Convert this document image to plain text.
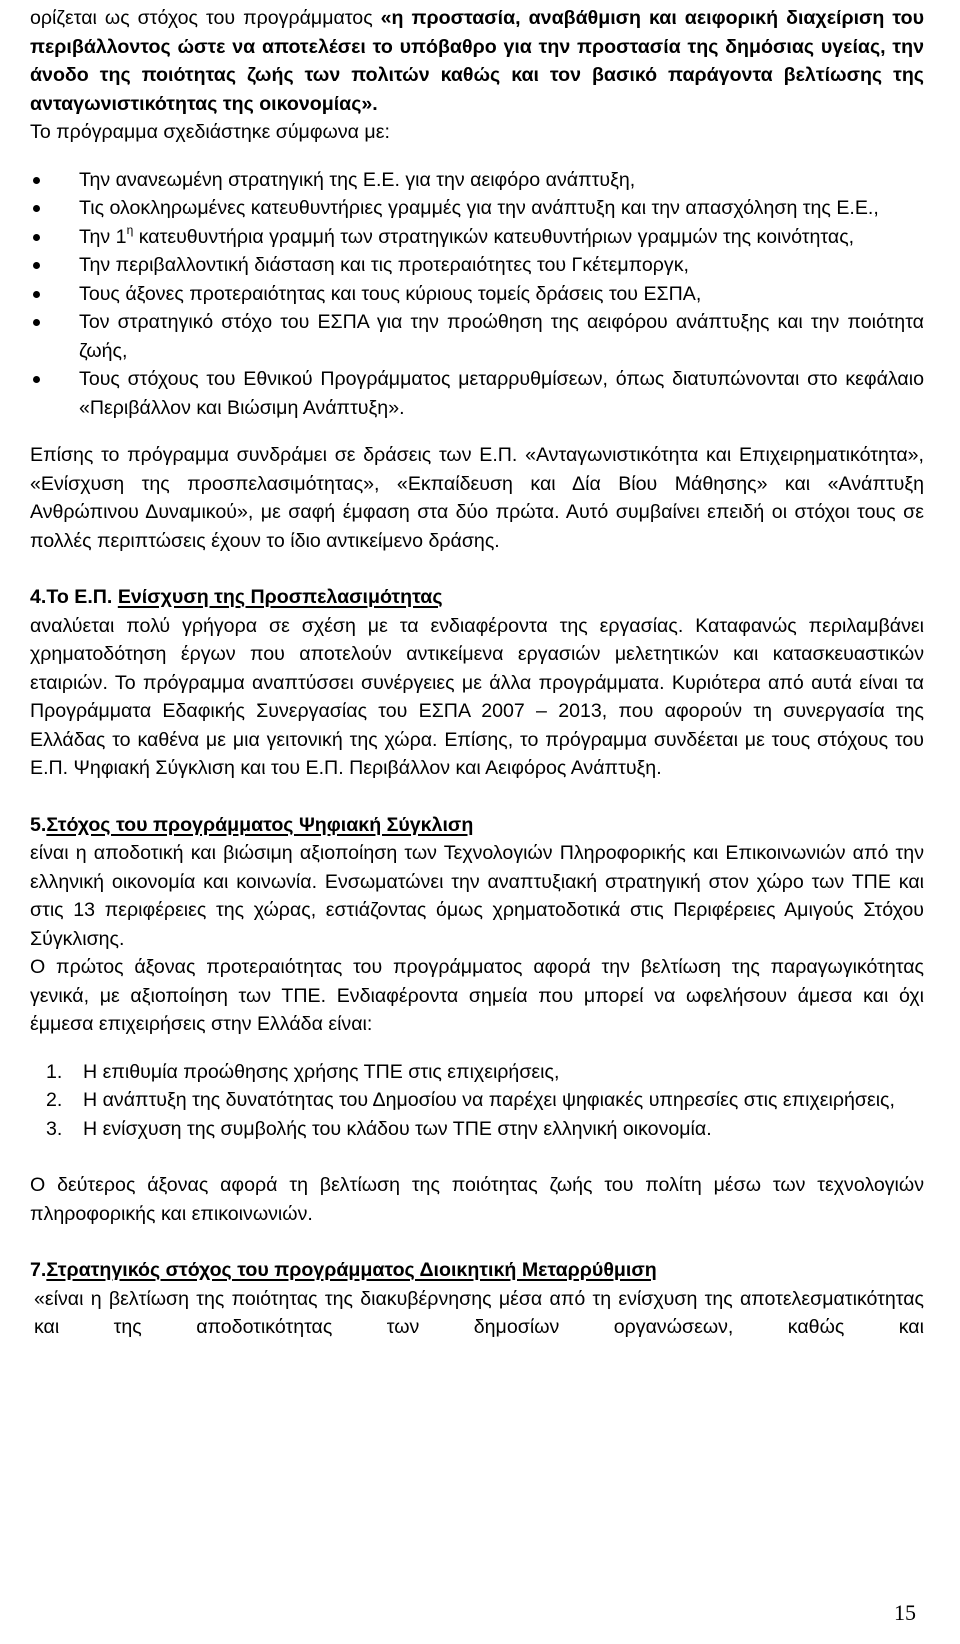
ορίζεται ως στόχος του προγράμματος «η προστασία, αναβάθμιση και αειφορική διαχείριση του περιβάλλοντος ώστε να αποτελέσει το υπόβαθρο για την προστασία της δημόσιας υγείας, την άνοδο της ποιότητας ζωής των πολιτών καθώς και τον βασικό παράγοντα βελτίωσης της ανταγωνιστικότητας της οικονομίας».

Το πρόγραμμα σχεδιάστηκε σύμφωνα με:

Την ανανεωμένη στρατηγική της Ε.Ε. για την αειφόρο ανάπτυξη,
Τις ολοκληρωμένες κατευθυντήριες γραμμές για την ανάπτυξη και την απασχόληση της Ε.Ε.,
Την $1^\eta$ κατευθυντήρια γραμμή των στρατηγικών κατευθυντήριων γραμμών της κοινότητας,
Την περιβαλλοντική διάσταση και τις προτεραιότητες του Γκέτεμποργκ,
Τους άξονες προτεραιότητας και τους κύριους τομείς δράσεις του ΕΣΠΑ,
Τον στρατηγικό στόχο του ΕΣΠΑ για την προώθηση της αειφόρου ανάπτυξης και την ποιότητα ζωής,
Τους στόχους του Εθνικού Προγράμματος μεταρρυθμίσεων, όπως διατυπώνονται στο κεφάλαιο «Περιβάλλον και Βιώσιμη Ανάπτυξη».

Επίσης το πρόγραμμα συνδράμει σε δράσεις των Ε.Π. «Ανταγωνιστικότητα και Επιχειρηματικότητα», «Ενίσχυση της προσπελασιμότητας», «Εκπαίδευση και Δία Βίου Μάθησης» και «Ανάπτυξη Ανθρώπινου Δυναμικού», με σαφή έμφαση στα δύο πρώτα. Αυτό συμβαίνει επειδή οι στόχοι τους σε πολλές περιπτώσεις έχουν το ίδιο αντικείμενο δράσης.

4.Το Ε.Π. Ενίσχυση της Προσπελασιμότητας

αναλύεται πολύ γρήγορα σε σχέση με τα ενδιαφέροντα της εργασίας. Καταφανώς περιλαμβάνει χρηματοδότηση έργων που αποτελούν αντικείμενα εργασιών μελετητικών και κατασκευαστικών εταιριών. Το πρόγραμμα αναπτύσσει συνέργειες με άλλα προγράμματα. Κυριότερα από αυτά είναι τα Προγράμματα Εδαφικής Συνεργασίας του ΕΣΠΑ 2007 – 2013, που αφορούν τη συνεργασία της Ελλάδας το καθένα με μια γειτονική της χώρα. Επίσης, το πρόγραμμα συνδέεται με τους στόχους του Ε.Π. Ψηφιακή Σύγκλιση και του Ε.Π. Περιβάλλον και Αειφόρος Ανάπτυξη.

5.Στόχος του προγράμματος Ψηφιακή Σύγκλιση

είναι η αποδοτική και βιώσιμη αξιοποίηση των Τεχνολογιών Πληροφορικής και Επικοινωνιών από την ελληνική οικονομία και κοινωνία. Ενσωματώνει την αναπτυξιακή στρατηγική στον χώρο των ΤΠΕ και στις 13 περιφέρειες της χώρας, εστιάζοντας όμως χρηματοδοτικά στις Περιφέρειες Αμιγούς Στόχου Σύγκλισης.

Ο πρώτος άξονας προτεραιότητας του προγράμματος αφορά την βελτίωση της παραγωγικότητας γενικά, με αξιοποίηση των ΤΠΕ. Ενδιαφέροντα σημεία που μπορεί να ωφελήσουν άμεσα και όχι έμμεσα επιχειρήσεις στην Ελλάδα είναι:

1. Η επιθυμία προώθησης χρήσης ΤΠΕ στις επιχειρήσεις,
2. Η ανάπτυξη της δυνατότητας του Δημοσίου να παρέχει ψηφιακές υπηρεσίες στις επιχειρήσεις,
3. Η ενίσχυση της συμβολής του κλάδου των ΤΠΕ στην ελληνική οικονομία.

Ο δεύτερος άξονας αφορά τη βελτίωση της ποιότητας ζωής του πολίτη μέσω των τεχνολογιών πληροφορικής και επικοινωνιών.

7.Στρατηγικός στόχος του προγράμματος Διοικητική Μεταρρύθμιση

«είναι η βελτίωση της ποιότητας της διακυβέρνησης μέσα από τη ενίσχυση της αποτελεσματικότητας και της αποδοτικότητας των δημοσίων οργανώσεων, καθώς και

15
